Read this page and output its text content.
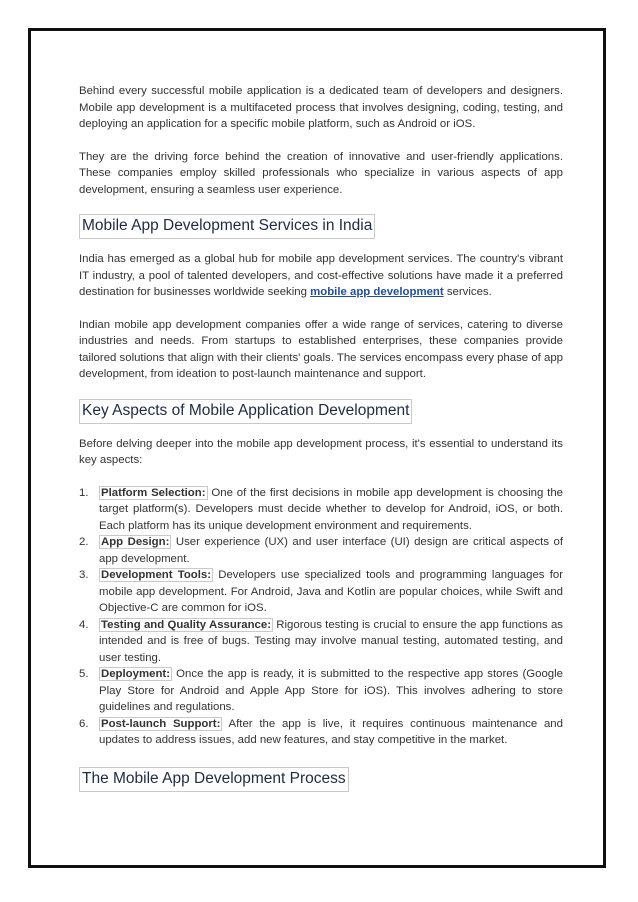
Behind every successful mobile application is a dedicated team of developers and designers. Mobile app development is a multifaceted process that involves designing, coding, testing, and deploying an application for a specific mobile platform, such as Android or iOS.

They are the driving force behind the creation of innovative and user-friendly applications. These companies employ skilled professionals who specialize in various aspects of app development, ensuring a seamless user experience.

Mobile App Development Services in India

India has emerged as a global hub for mobile app development services. The country's vibrant IT industry, a pool of talented developers, and cost-effective solutions have made it a preferred destination for businesses worldwide seeking mobile app development services.

Indian mobile app development companies offer a wide range of services, catering to diverse industries and needs. From startups to established enterprises, these companies provide tailored solutions that align with their clients' goals. The services encompass every phase of app development, from ideation to post-launch maintenance and support.

Key Aspects of Mobile Application Development

Before delving deeper into the mobile app development process, it's essential to understand its key aspects:

1. Platform Selection: One of the first decisions in mobile app development is choosing the target platform(s). Developers must decide whether to develop for Android, iOS, or both. Each platform has its unique development environment and requirements.
2. App Design: User experience (UX) and user interface (UI) design are critical aspects of app development.
3. Development Tools: Developers use specialized tools and programming languages for mobile app development. For Android, Java and Kotlin are popular choices, while Swift and Objective-C are common for iOS.
4. Testing and Quality Assurance: Rigorous testing is crucial to ensure the app functions as intended and is free of bugs. Testing may involve manual testing, automated testing, and user testing.
5. Deployment: Once the app is ready, it is submitted to the respective app stores (Google Play Store for Android and Apple App Store for iOS). This involves adhering to store guidelines and regulations.
6. Post-launch Support: After the app is live, it requires continuous maintenance and updates to address issues, add new features, and stay competitive in the market.
The Mobile App Development Process
